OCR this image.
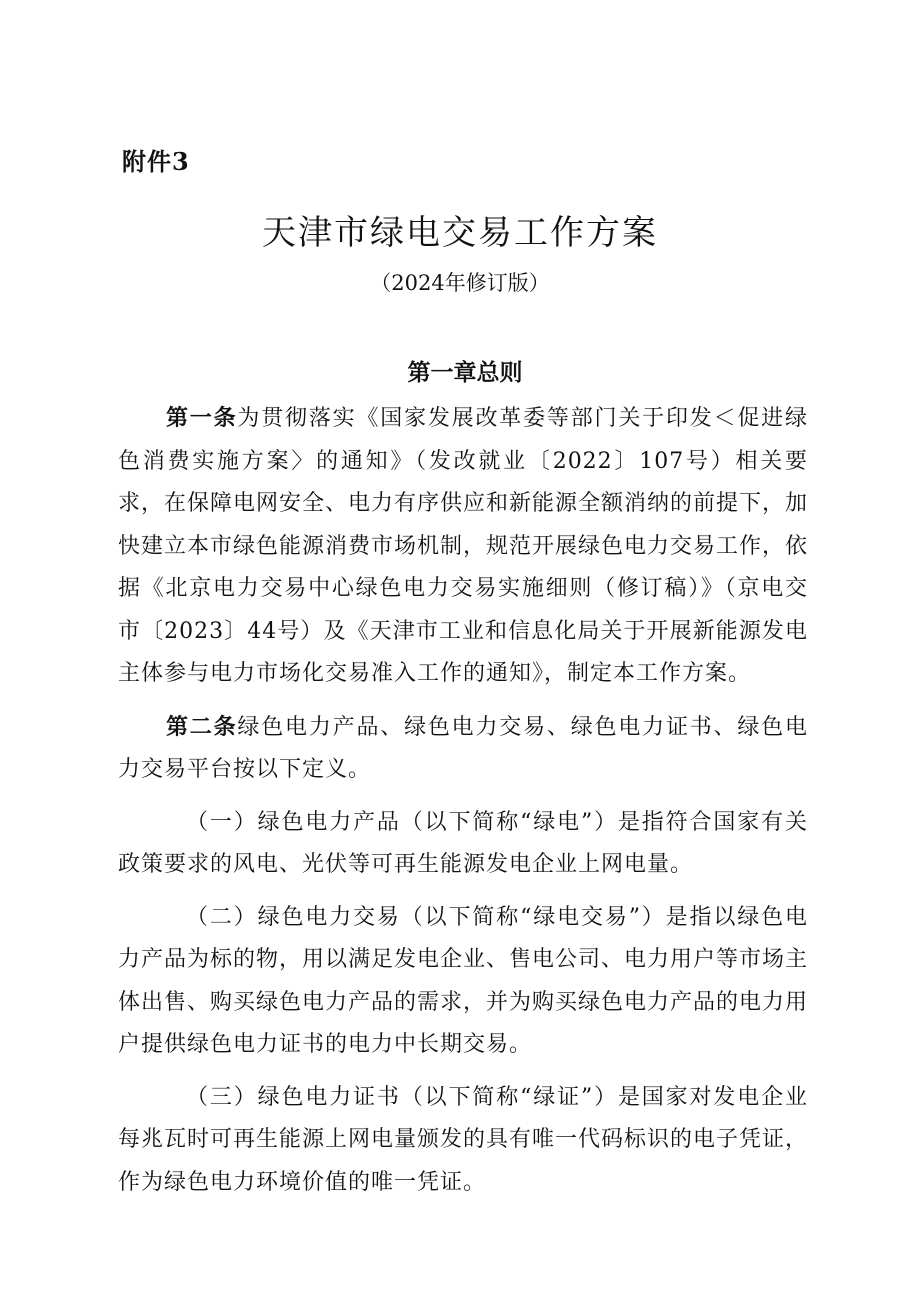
附件3

天津市绿电交易工作方案

（2024年修订版）

第一章总则

第一条为贯彻落实《国家发展改革委等部门关于印发＜促进绿色消费实施方案〉的通知》（发改就业〔2022〕107号）相关要求，在保障电网安全、电力有序供应和新能源全额消纳的前提下，加快建立本市绿色能源消费市场机制，规范开展绿色电力交易工作，依据《北京电力交易中心绿色电力交易实施细则（修订稿）》（京电交市〔2023〕44号）及《天津市工业和信息化局关于开展新能源发电主体参与电力市场化交易准入工作的通知》，制定本工作方案。

第二条绿色电力产品、绿色电力交易、绿色电力证书、绿色电力交易平台按以下定义。

（一）绿色电力产品（以下简称“绿电”）是指符合国家有关政策要求的风电、光伏等可再生能源发电企业上网电量。

（二）绿色电力交易（以下简称“绿电交易”）是指以绿色电力产品为标的物，用以满足发电企业、售电公司、电力用户等市场主体出售、购买绿色电力产品的需求，并为购买绿色电力产品的电力用户提供绿色电力证书的电力中长期交易。

（三）绿色电力证书（以下简称“绿证”）是国家对发电企业每兆瓦时可再生能源上网电量颁发的具有唯一代码标识的电子凭证，作为绿色电力环境价值的唯一凭证。
